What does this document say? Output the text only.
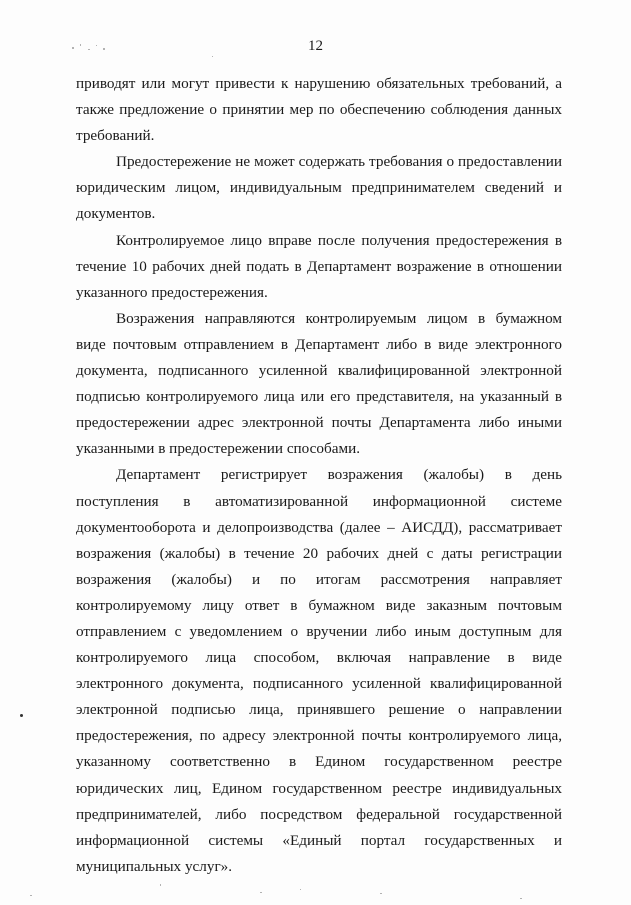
12

приводят или могут привести к нарушению обязательных требований, а также предложение о принятии мер по обеспечению соблюдения данных требований.

Предостережение не может содержать требования о предоставлении юридическим лицом, индивидуальным предпринимателем сведений и документов.

Контролируемое лицо вправе после получения предостережения в течение 10 рабочих дней подать в Департамент возражение в отношении указанного предостережения.

Возражения направляются контролируемым лицом в бумажном виде почтовым отправлением в Департамент либо в виде электронного документа, подписанного усиленной квалифицированной электронной подписью контролируемого лица или его представителя, на указанный в предостережении адрес электронной почты Департамента либо иными указанными в предостережении способами.

Департамент регистрирует возражения (жалобы) в день поступления в автоматизированной информационной системе документооборота и делопроизводства (далее – АИСДД), рассматривает возражения (жалобы) в течение 20 рабочих дней с даты регистрации возражения (жалобы) и по итогам рассмотрения направляет контролируемому лицу ответ в бумажном виде заказным почтовым отправлением с уведомлением о вручении либо иным доступным для контролируемого лица способом, включая направление в виде электронного документа, подписанного усиленной квалифицированной электронной подписью лица, принявшего решение о направлении предостережения, по адресу электронной почты контролируемого лица, указанному соответственно в Едином государственном реестре юридических лиц, Едином государственном реестре индивидуальных предпринимателей, либо посредством федеральной государственной информационной системы «Единый портал государственных и муниципальных услуг».
